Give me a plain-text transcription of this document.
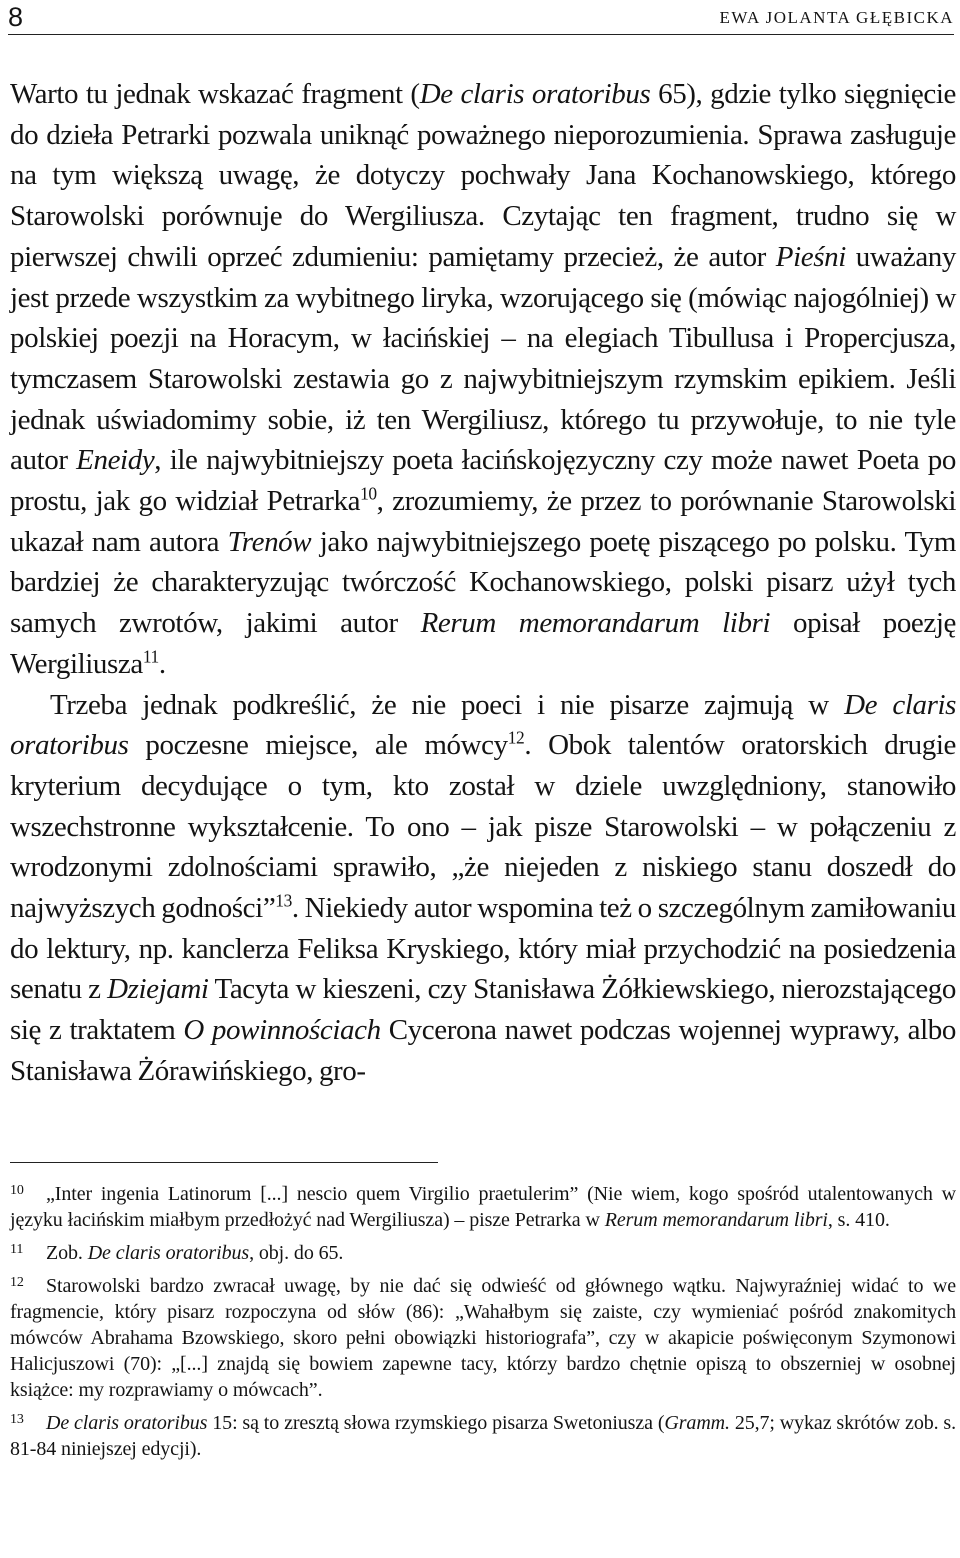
8	EWA JOLANTA GŁĘBICKA

Warto tu jednak wskazać fragment (De claris oratoribus 65), gdzie tylko sięgnięcie do dzieła Petrarki pozwala uniknąć poważnego nieporozumienia. Sprawa zasługuje na tym większą uwagę, że dotyczy pochwały Jana Kochanowskiego, którego Starowolski porównuje do Wergiliusza. Czytając ten fragment, trudno się w pierwszej chwili oprzeć zdumieniu: pamiętamy przecież, że autor Pieśni uważany jest przede wszystkim za wybitnego liryka, wzorującego się (mówiąc najogólniej) w polskiej poezji na Horacym, w łacińskiej – na elegiach Tibullusa i Propercjusza, tymczasem Starowolski zestawia go z najwybitniejszym rzymskim epikiem. Jeśli jednak uświadomimy sobie, iż ten Wergiliusz, którego tu przywołuje, to nie tyle autor Eneidy, ile najwybitniejszy poeta łacińskojęzyczny czy może nawet Poeta po prostu, jak go widział Petrarka$^{10}$, zrozumiemy, że przez to porównanie Starowolski ukazał nam autora Trenów jako najwybitniejszego poetę piszącego po polsku. Tym bardziej że charakteryzując twórczość Kochanowskiego, polski pisarz użył tych samych zwrotów, jakimi autor Rerum memorandarum libri opisał poezję Wergiliusza$^{11}$.

Trzeba jednak podkreślić, że nie poeci i nie pisarze zajmują w De claris oratoribus poczesne miejsce, ale mówcy$^{12}$. Obok talentów oratorskich drugie kryterium decydujące o tym, kto został w dziele uwzględniony, stanowiło wszechstronne wykształcenie. To ono – jak pisze Starowolski – w połączeniu z wrodzonymi zdolnościami sprawiło, „że niejeden z niskiego stanu doszedł do najwyższych godności”$^{13}$. Niekiedy autor wspomina też o szczególnym zamiłowaniu do lektury, np. kanclerza Feliksa Kryskiego, który miał przychodzić na posiedzenia senatu z Dziejami Tacyta w kieszeni, czy Stanisława Żółkiewskiego, nierozstającego się z traktatem O powinnościach Cycerona nawet podczas wojennej wyprawy, albo Stanisława Żórawińskiego, gro-

10 „Inter ingenia Latinorum [...] nescio quem Virgilio praetulerim” (Nie wiem, kogo spośród utalentowanych w języku łacińskim miałbym przedłożyć nad Wergiliusza) – pisze Petrarka w Rerum memorandarum libri, s. 410.

11 Zob. De claris oratoribus, obj. do 65.

12 Starowolski bardzo zwracał uwagę, by nie dać się odwieść od głównego wątku. Najwyraźniej widać to we fragmencie, który pisarz rozpoczyna od słów (86): „Wahałbym się zaiste, czy wymieniać pośród znakomitych mówców Abrahama Bzowskiego, skoro pełni obowiązki historiografa”, czy w akapicie poświęconym Szymonowi Halicjuszowi (70): „[...] znajdą się bowiem zapewne tacy, którzy bardzo chętnie opiszą to obszerniej w osobnej książce: my rozprawiamy o mówcach”.

13 De claris oratoribus 15: są to zresztą słowa rzymskiego pisarza Swetoniusza (Gramm. 25,7; wykaz skrótów zob. s. 81-84 niniejszej edycji).
